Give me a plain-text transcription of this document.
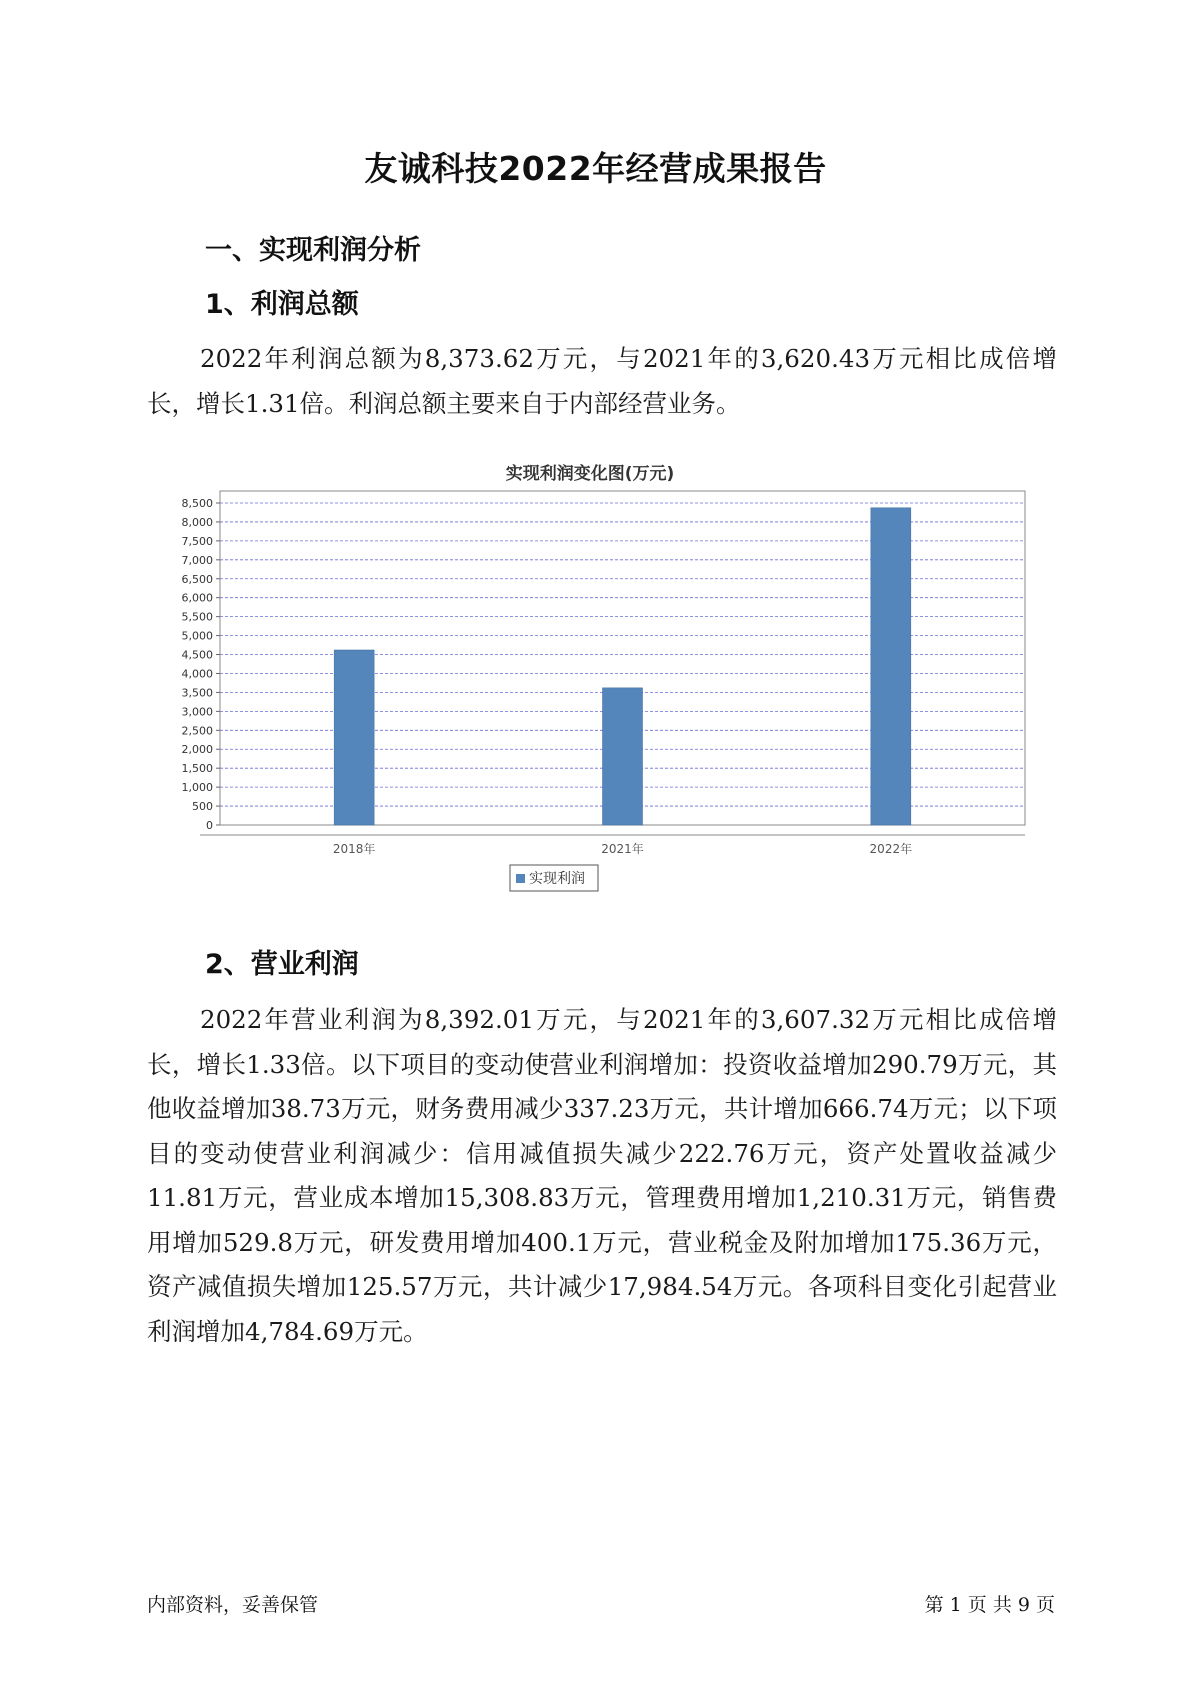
友诚科技2022年经营成果报告
一、实现利润分析
1、利润总额
2022年利润总额为8,373.62万元，与2021年的3,620.43万元相比成倍增长，增长1.31倍。利润总额主要来自于内部经营业务。
实现利润变化图(万元)
0
500
1,000
1,500
2,000
2,500
3,000
3,500
4,000
4,500
5,000
5,500
6,000
6,500
7,000
7,500
8,000
8,500
2018年	2021年	2022年
实现利润
2、营业利润
2022年营业利润为8,392.01万元，与2021年的3,607.32万元相比成倍增长，增长1.33倍。以下项目的变动使营业利润增加：投资收益增加290.79万元，其他收益增加38.73万元，财务费用减少337.23万元，共计增加666.74万元；以下项目的变动使营业利润减少：信用减值损失减少222.76万元，资产处置收益减少11.81万元，营业成本增加15,308.83万元，管理费用增加1,210.31万元，销售费用增加529.8万元，研发费用增加400.1万元，营业税金及附加增加175.36万元，资产减值损失增加125.57万元，共计减少17,984.54万元。各项科目变化引起营业利润增加4,784.69万元。
内部资料，妥善保管	第 1 页 共 9 页
